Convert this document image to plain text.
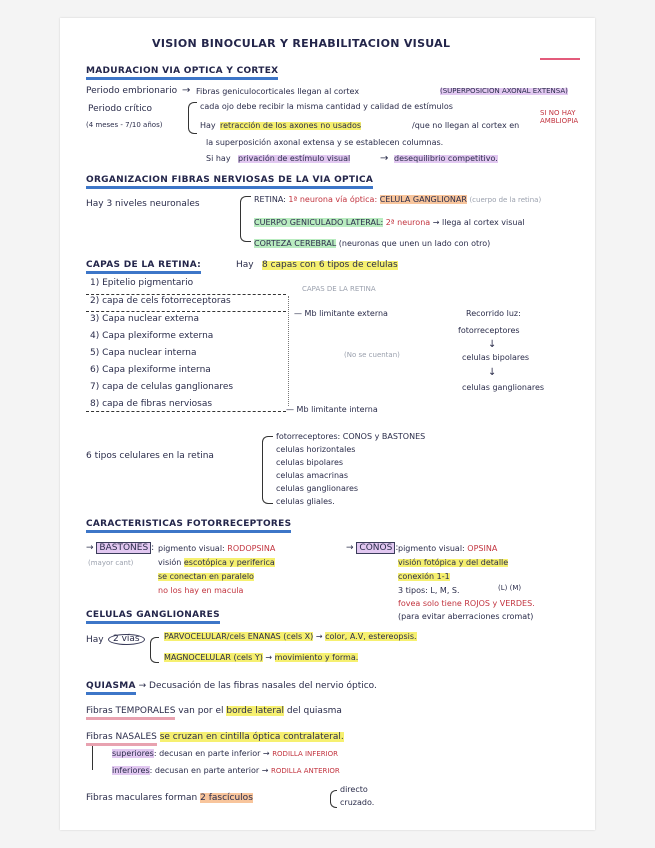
VISION BINOCULAR Y REHABILITACION VISUAL
MADURACION VIA OPTICA Y CORTEX
Periodo embrionario → Fibras geniculocorticales llegan al cortex	(SUPERPOSICION AXONAL EXTENSA)
Periodo crítico
(4 meses - 7/10 años)
cada ojo debe recibir la misma cantidad y calidad de estímulos
SI NO HAY AMBLIOPIA
Hay retracción de los axones no usados	/que no llegan al cortex en
la superposición axonal extensa y se establecen columnas.
Si hay privación de estímulo visual	→ desequilibrio competitivo.
ORGANIZACION FIBRAS NERVIOSAS DE LA VIA OPTICA
Hay 3 niveles neuronales	RETINA: 1ª neurona vía óptica: CELULA GANGLIONAR (cuerpo de la retina)
CUERPO GENICULADO LATERAL: 2ª neurona → llega al cortex visual
CORTEZA CEREBRAL (neuronas que unen un lado con otro)
CAPAS DE LA RETINA:	Hay 8 capas con 6 tipos de celulas
1) Epitelio pigmentario
2) capa de cels fotorreceptoras
3) Capa nuclear externa
4) Capa plexiforme externa
5) Capa nuclear interna
6) Capa plexiforme interna
7) capa de celulas ganglionares
8) capa de fibras nerviosas
CAPAS DE LA RETINA
— Mb limitante externa
(No se cuentan)
— Mb limitante interna
Recorrido luz:
fotorreceptores
↓
celulas bipolares
↓
celulas ganglionares
6 tipos celulares en la retina
fotorreceptores: CONOS y BASTONES
celulas horizontales
celulas bipolares
celulas amacrinas
celulas ganglionares
celulas gliales.
CARACTERISTICAS FOTORRECEPTORES
→ BASTONES :
(mayor cant)
pigmento visual: RODOPSINA
visión escotópica y periferica
se conectan en paralelo
no los hay en macula
→ CONOS : pigmento visual: OPSINA
visión fotópica y del detalle
conexión 1-1
3 tipos: L, M, S.	(L) (M)
fovea solo tiene ROJOS y VERDES.
(para evitar aberraciones cromat)
CELULAS GANGLIONARES
Hay	2 vías	PARVOCELULAR/cels ENANAS (cels X) → color, A.V, estereopsis.
MAGNOCELULAR (cels Y) → movimiento y forma.
QUIASMA → Decusación de las fibras nasales del nervio óptico.
Fibras TEMPORALES van por el borde lateral del quiasma
Fibras NASALES se cruzan en cintilla óptica contralateral.
superiores: decusan en parte inferior → RODILLA INFERIOR
inferiores: decusan en parte anterior → RODILLA ANTERIOR
Fibras maculares forman 2 fascículos
directo
cruzado.
